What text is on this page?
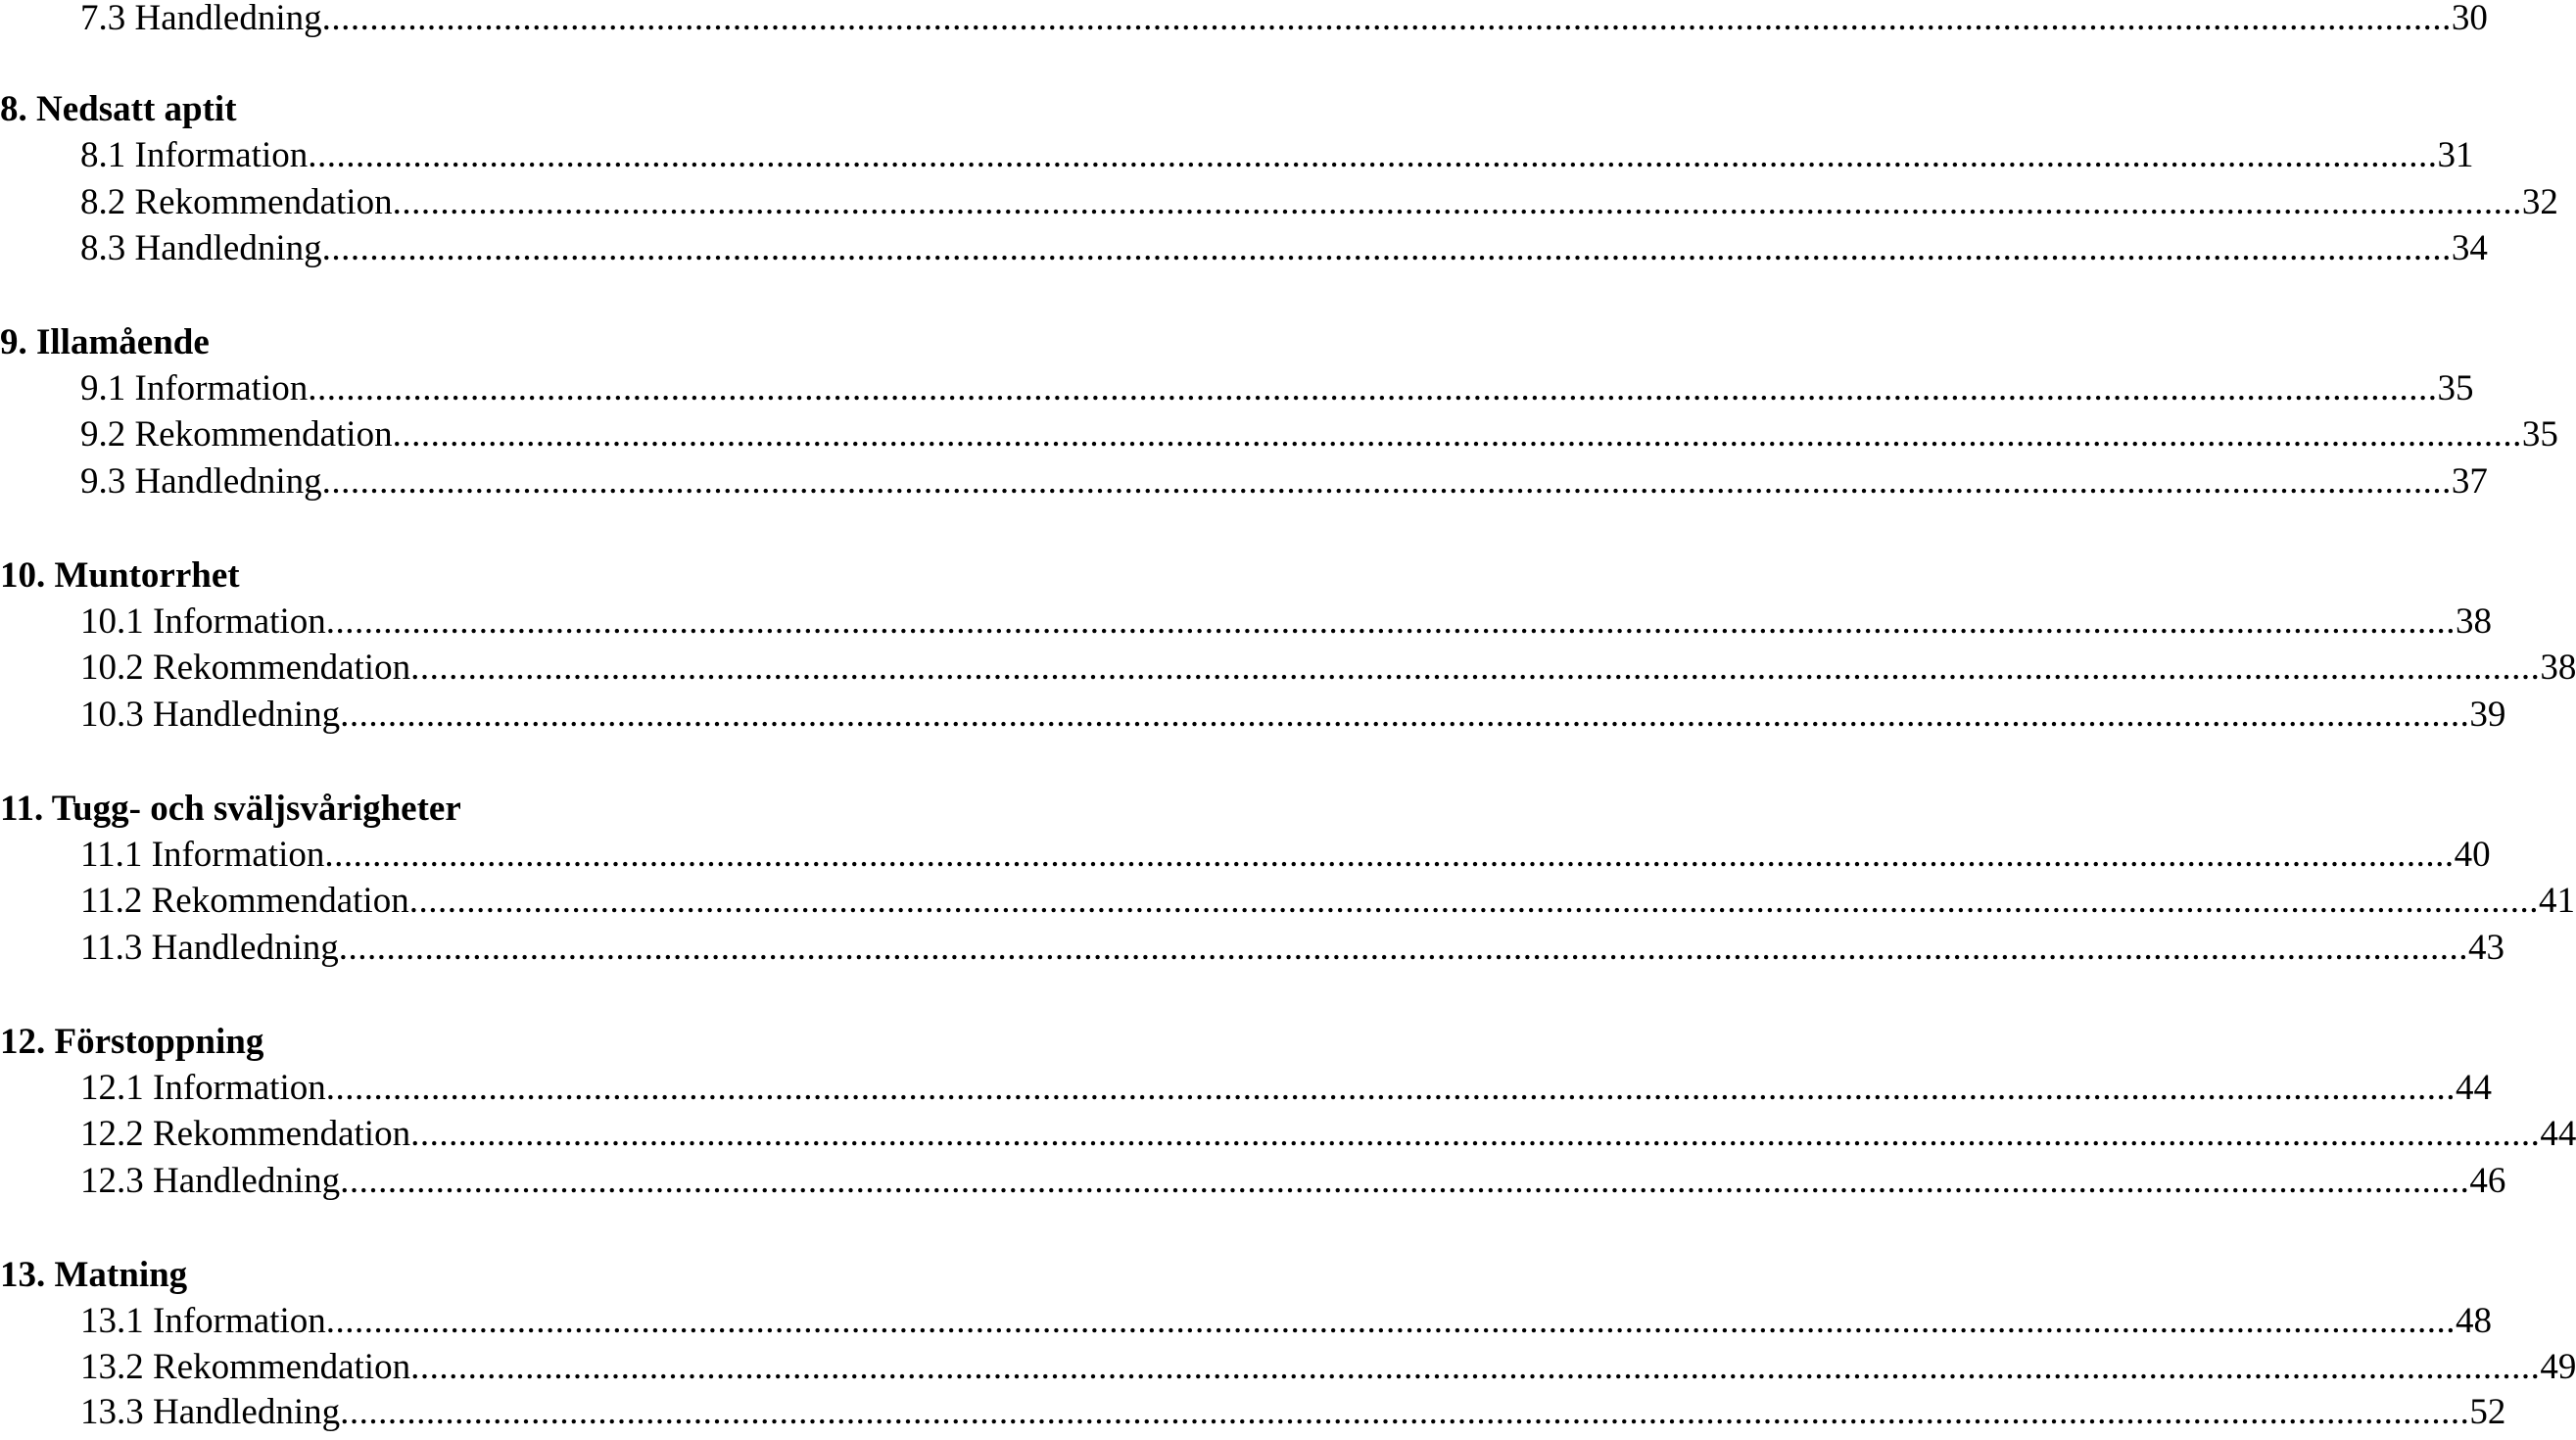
7.3 Handledning ............................................................................................................................................................................................................................... 30
8. Nedsatt aptit
8.1 Information ............................................................................................................................................................................................................................... 31
8.2 Rekommendation ............................................................................................................................................................................................................................... 32
8.3 Handledning ............................................................................................................................................................................................................................... 34
9. Illamående
9.1 Information ............................................................................................................................................................................................................................... 35
9.2 Rekommendation ............................................................................................................................................................................................................................... 35
9.3 Handledning ............................................................................................................................................................................................................................... 37
10. Muntorrhet
10.1 Information ............................................................................................................................................................................................................................... 38
10.2 Rekommendation ............................................................................................................................................................................................................................... 38
10.3 Handledning ............................................................................................................................................................................................................................... 39
11. Tugg- och sväljsvårigheter
11.1 Information ............................................................................................................................................................................................................................... 40
11.2 Rekommendation ............................................................................................................................................................................................................................... 41
11.3 Handledning ............................................................................................................................................................................................................................... 43
12. Förstoppning
12.1 Information ............................................................................................................................................................................................................................... 44
12.2 Rekommendation ............................................................................................................................................................................................................................... 44
12.3 Handledning ............................................................................................................................................................................................................................... 46
13. Matning
13.1 Information ............................................................................................................................................................................................................................... 48
13.2 Rekommendation ............................................................................................................................................................................................................................... 49
13.3 Handledning ............................................................................................................................................................................................................................... 52
